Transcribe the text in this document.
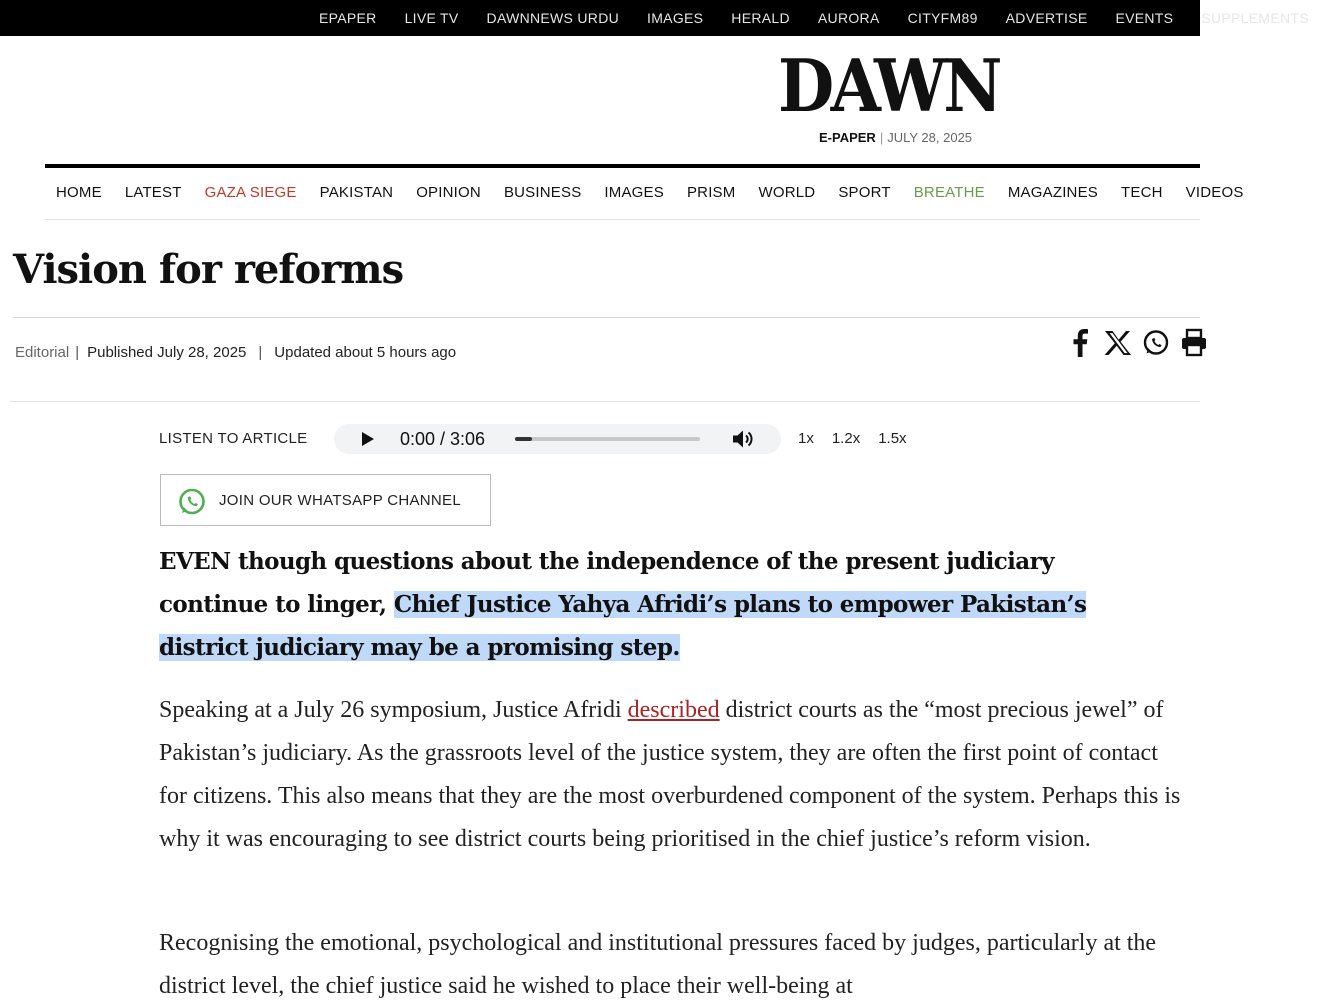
EPAPER LIVE TV DAWNNEWS URDU IMAGES HERALD AURORA CITYFM89 ADVERTISE EVENTS SUPPLEMENTS
DAWN
E-PAPER | JULY 28, 2025
HOME LATEST GAZA SIEGE PAKISTAN OPINION BUSINESS IMAGES PRISM WORLD SPORT BREATHE MAGAZINES TECH VIDEOS
Vision for reforms
Editorial | Published July 28, 2025 | Updated about 5 hours ago
LISTEN TO ARTICLE	0:00 / 3:06	1x 1.2x 1.5x
JOIN OUR WHATSAPP CHANNEL

EVEN though questions about the independence of the present judiciary continue to linger, Chief Justice Yahya Afridi’s plans to empower Pakistan’s district judiciary may be a promising step.

Speaking at a July 26 symposium, Justice Afridi described district courts as the “most precious jewel” of Pakistan’s judiciary. As the grassroots level of the justice system, they are often the first point of contact for citizens. This also means that they are the most overburdened component of the system. Perhaps this is why it was encouraging to see district courts being prioritised in the chief justice’s reform vision.

Recognising the emotional, psychological and institutional pressures faced by judges, particularly at the district level, the chief justice said he wished to place their well-being at
